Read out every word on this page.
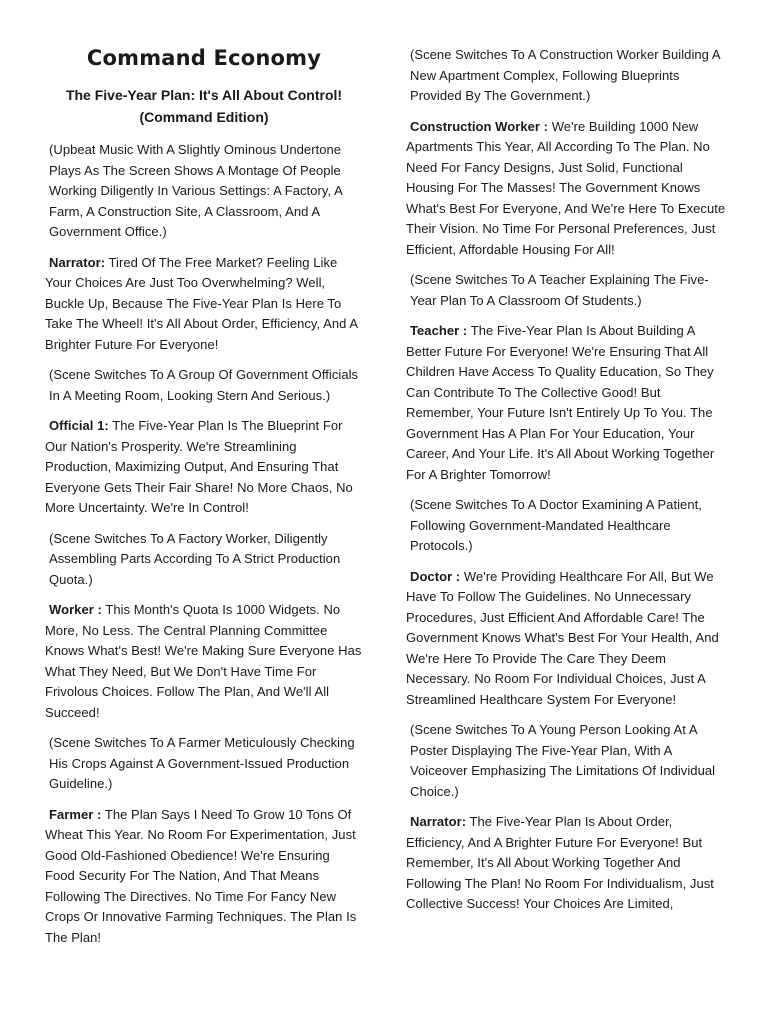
Command Economy
The Five-Year Plan: It's All About Control!
(Command Edition)

(Upbeat Music With A Slightly Ominous Undertone Plays As The Screen Shows A Montage Of People Working Diligently In Various Settings: A Factory, A Farm, A Construction Site, A Classroom, And A Government Office.)

Narrator: Tired Of The Free Market? Feeling Like Your Choices Are Just Too Overwhelming? Well, Buckle Up, Because The Five-Year Plan Is Here To Take The Wheel! It's All About Order, Efficiency, And A Brighter Future For Everyone!

(Scene Switches To A Group Of Government Officials In A Meeting Room, Looking Stern And Serious.)

Official 1: The Five-Year Plan Is The Blueprint For Our Nation's Prosperity. We're Streamlining Production, Maximizing Output, And Ensuring That Everyone Gets Their Fair Share! No More Chaos, No More Uncertainty. We're In Control!

(Scene Switches To A Factory Worker, Diligently Assembling Parts According To A Strict Production Quota.)

Worker : This Month's Quota Is 1000 Widgets. No More, No Less. The Central Planning Committee Knows What's Best! We're Making Sure Everyone Has What They Need, But We Don't Have Time For Frivolous Choices. Follow The Plan, And We'll All Succeed!

(Scene Switches To A Farmer Meticulously Checking His Crops Against A Government-Issued Production Guideline.)

Farmer : The Plan Says I Need To Grow 10 Tons Of Wheat This Year. No Room For Experimentation, Just Good Old-Fashioned Obedience! We're Ensuring Food Security For The Nation, And That Means Following The Directives. No Time For Fancy New Crops Or Innovative Farming Techniques. The Plan Is The Plan!

(Scene Switches To A Construction Worker Building A New Apartment Complex, Following Blueprints Provided By The Government.)

Construction Worker : We're Building 1000 New Apartments This Year, All According To The Plan. No Need For Fancy Designs, Just Solid, Functional Housing For The Masses! The Government Knows What's Best For Everyone, And We're Here To Execute Their Vision. No Time For Personal Preferences, Just Efficient, Affordable Housing For All!

(Scene Switches To A Teacher Explaining The Five-Year Plan To A Classroom Of Students.)

Teacher : The Five-Year Plan Is About Building A Better Future For Everyone! We're Ensuring That All Children Have Access To Quality Education, So They Can Contribute To The Collective Good! But Remember, Your Future Isn't Entirely Up To You. The Government Has A Plan For Your Education, Your Career, And Your Life. It's All About Working Together For A Brighter Tomorrow!

(Scene Switches To A Doctor Examining A Patient, Following Government-Mandated Healthcare Protocols.)

Doctor : We're Providing Healthcare For All, But We Have To Follow The Guidelines. No Unnecessary Procedures, Just Efficient And Affordable Care! The Government Knows What's Best For Your Health, And We're Here To Provide The Care They Deem Necessary. No Room For Individual Choices, Just A Streamlined Healthcare System For Everyone!

(Scene Switches To A Young Person Looking At A Poster Displaying The Five-Year Plan, With A Voiceover Emphasizing The Limitations Of Individual Choice.)

Narrator: The Five-Year Plan Is About Order, Efficiency, And A Brighter Future For Everyone! But Remember, It's All About Working Together And Following The Plan! No Room For Individualism, Just Collective Success! Your Choices Are Limited,
